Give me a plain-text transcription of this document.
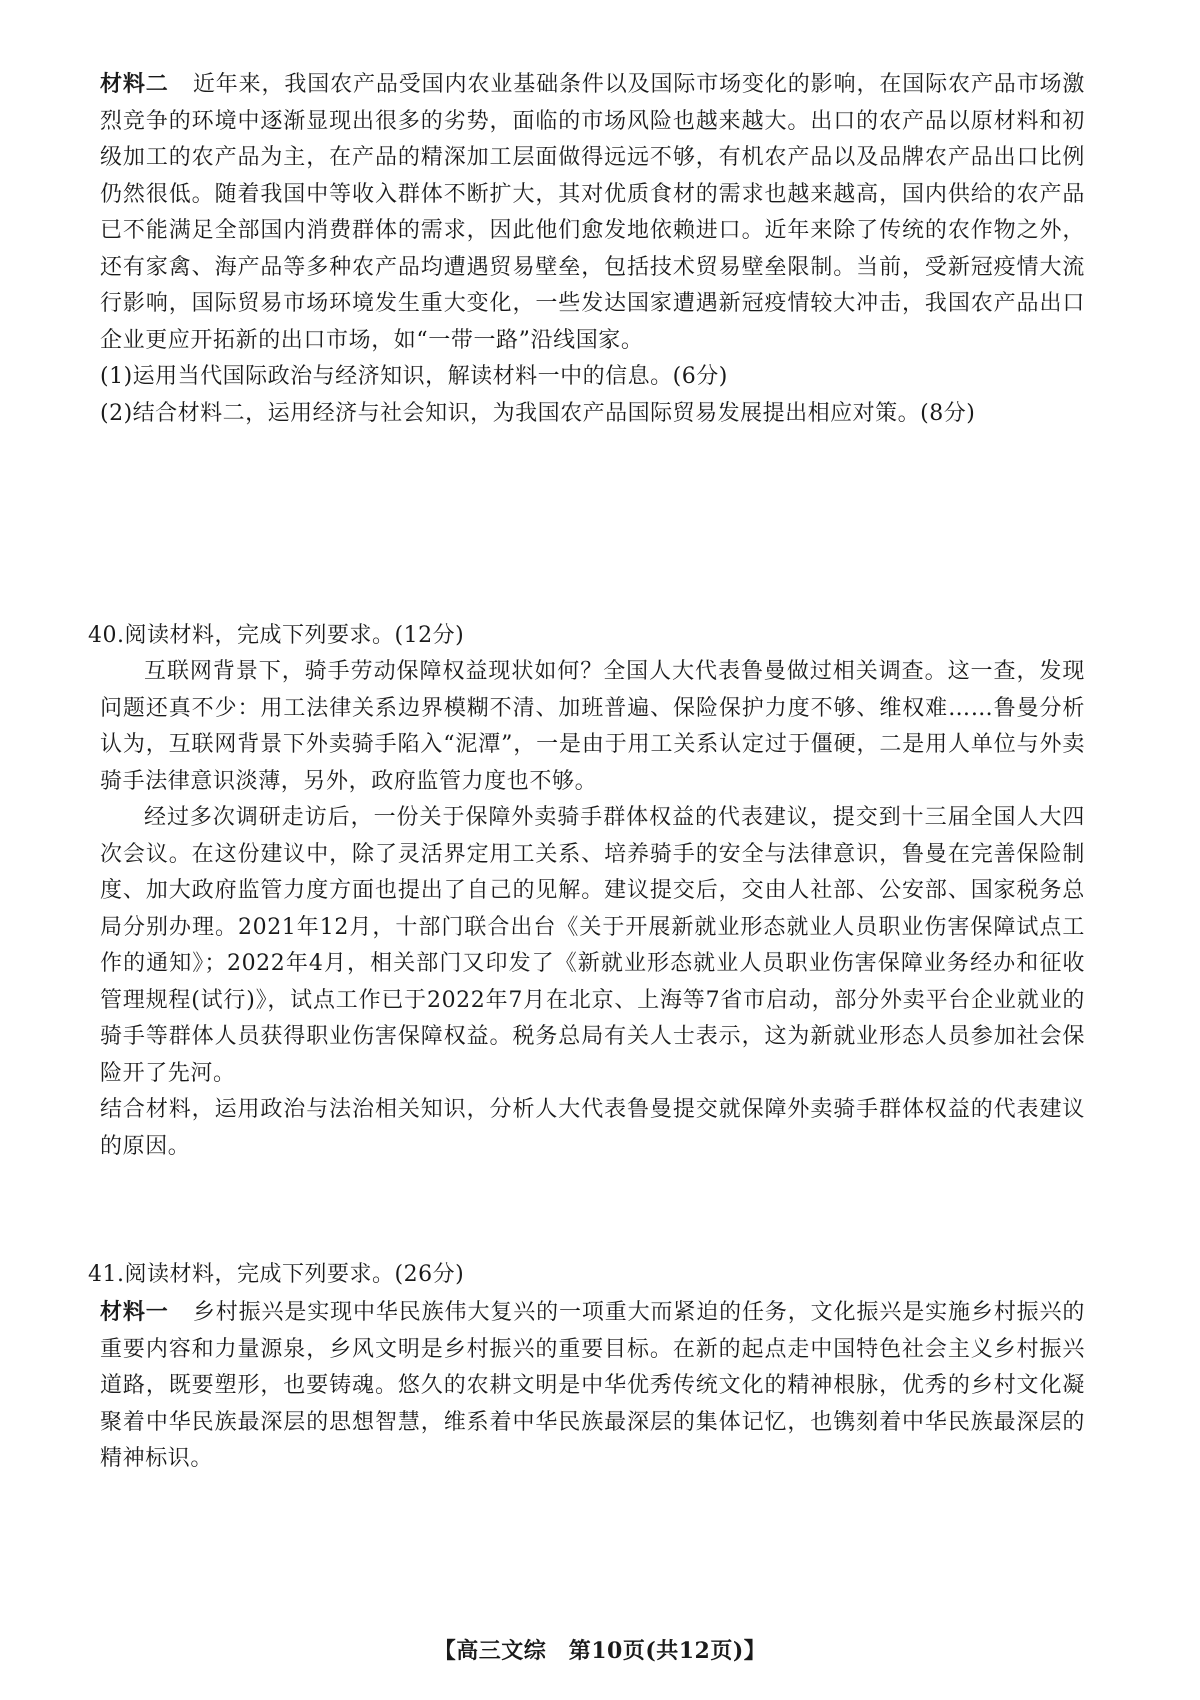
材料二 近年来，我国农产品受国内农业基础条件以及国际市场变化的影响，在国际农产品市场激烈竞争的环境中逐渐显现出很多的劣势，面临的市场风险也越来越大。出口的农产品以原材料和初级加工的农产品为主，在产品的精深加工层面做得远远不够，有机农产品以及品牌农产品出口比例仍然很低。随着我国中等收入群体不断扩大，其对优质食材的需求也越来越高，国内供给的农产品已不能满足全部国内消费群体的需求，因此他们愈发地依赖进口。近年来除了传统的农作物之外，还有家禽、海产品等多种农产品均遭遇贸易壁垒，包括技术贸易壁垒限制。当前，受新冠疫情大流行影响，国际贸易市场环境发生重大变化，一些发达国家遭遇新冠疫情较大冲击，我国农产品出口企业更应开拓新的出口市场，如“一带一路”沿线国家。

(1)运用当代国际政治与经济知识，解读材料一中的信息。(6分)

(2)结合材料二，运用经济与社会知识，为我国农产品国际贸易发展提出相应对策。(8分)

40.阅读材料，完成下列要求。(12分)

互联网背景下，骑手劳动保障权益现状如何？全国人大代表鲁曼做过相关调查。这一查，发现问题还真不少：用工法律关系边界模糊不清、加班普遍、保险保护力度不够、维权难……鲁曼分析认为，互联网背景下外卖骑手陷入“泥潭”，一是由于用工关系认定过于僵硬，二是用人单位与外卖骑手法律意识淡薄，另外，政府监管力度也不够。

经过多次调研走访后，一份关于保障外卖骑手群体权益的代表建议，提交到十三届全国人大四次会议。在这份建议中，除了灵活界定用工关系、培养骑手的安全与法律意识，鲁曼在完善保险制度、加大政府监管力度方面也提出了自己的见解。建议提交后，交由人社部、公安部、国家税务总局分别办理。2021年12月，十部门联合出台《关于开展新就业形态就业人员职业伤害保障试点工作的通知》；2022年4月，相关部门又印发了《新就业形态就业人员职业伤害保障业务经办和征收管理规程(试行)》，试点工作已于2022年7月在北京、上海等7省市启动，部分外卖平台企业就业的骑手等群体人员获得职业伤害保障权益。税务总局有关人士表示，这为新就业形态人员参加社会保险开了先河。

结合材料，运用政治与法治相关知识，分析人大代表鲁曼提交就保障外卖骑手群体权益的代表建议的原因。

41.阅读材料，完成下列要求。(26分)

材料一 乡村振兴是实现中华民族伟大复兴的一项重大而紧迫的任务，文化振兴是实施乡村振兴的重要内容和力量源泉，乡风文明是乡村振兴的重要目标。在新的起点走中国特色社会主义乡村振兴道路，既要塑形，也要铸魂。悠久的农耕文明是中华优秀传统文化的精神根脉，优秀的乡村文化凝聚着中华民族最深层的思想智慧，维系着中华民族最深层的集体记忆，也镌刻着中华民族最深层的精神标识。

【高三文综　第10页(共12页)】
